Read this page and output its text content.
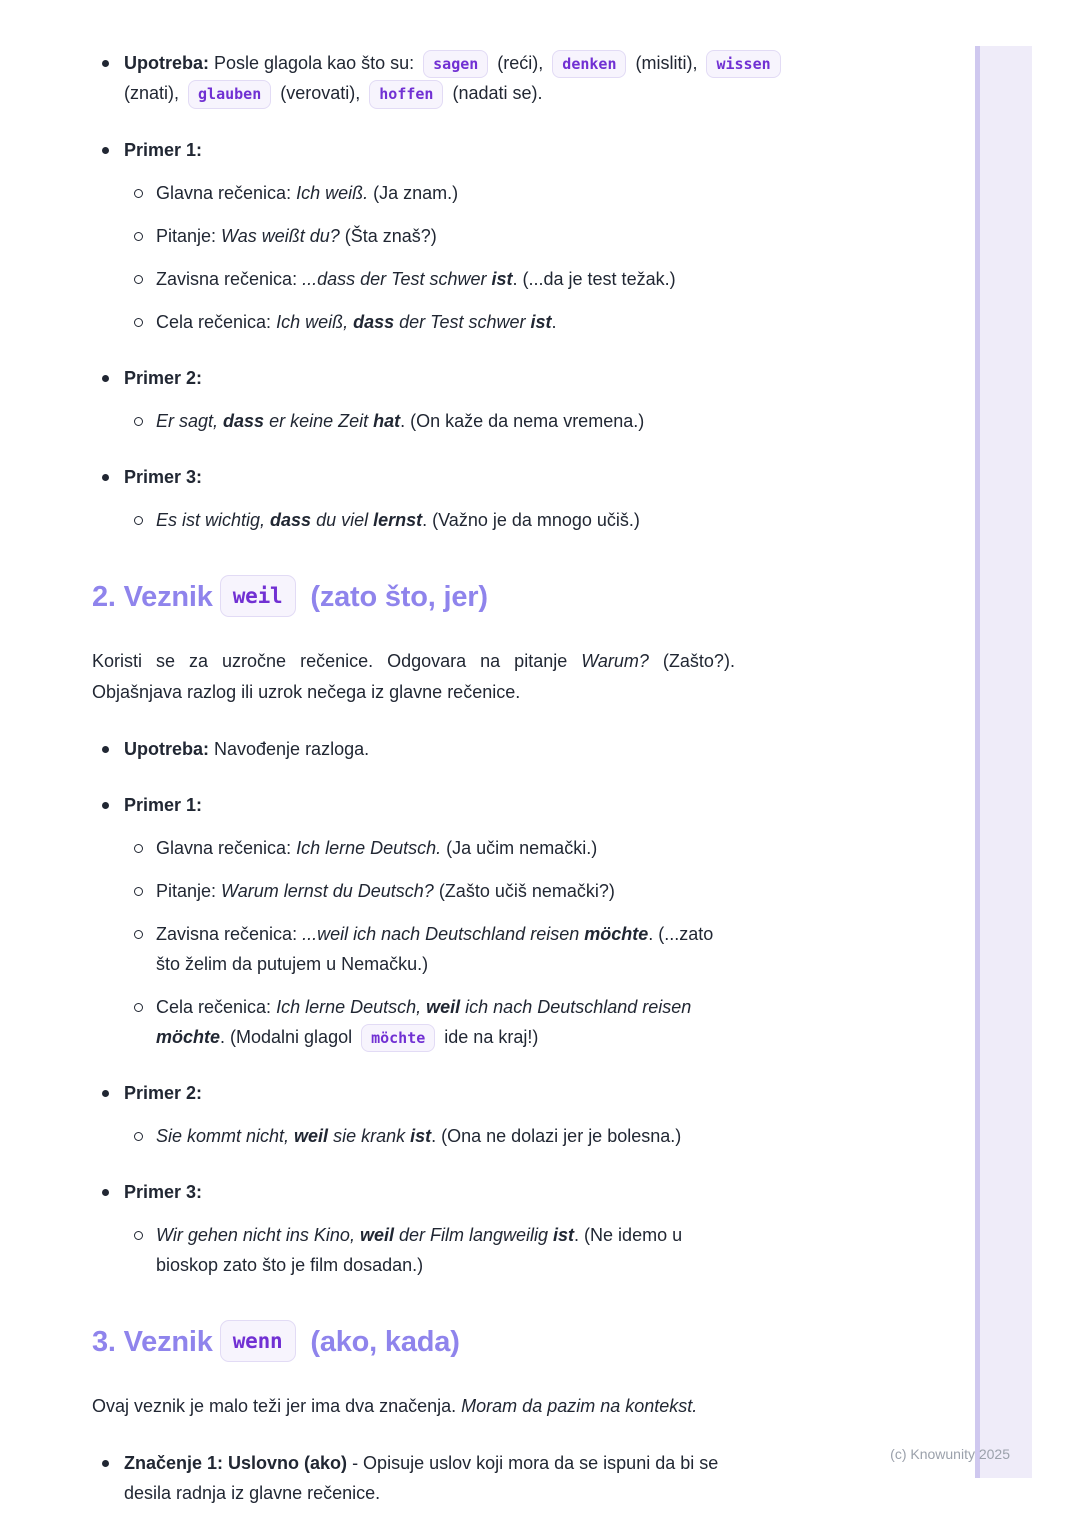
Upotreba: Posle glagola kao što su: sagen (reći), denken (misliti), wissen (znati), glauben (verovati), hoffen (nadati se).
Primer 1:
Glavna rečenica: Ich weiß. (Ja znam.)
Pitanje: Was weißt du? (Šta znaš?)
Zavisna rečenica: ...dass der Test schwer ist. (...da je test težak.)
Cela rečenica: Ich weiß, dass der Test schwer ist.
Primer 2:
Er sagt, dass er keine Zeit hat. (On kaže da nema vremena.)
Primer 3:
Es ist wichtig, dass du viel lernst. (Važno je da mnogo učiš.)
2. Veznik weil (zato što, jer)
Koristi se za uzročne rečenice. Odgovara na pitanje Warum? (Zašto?).
Objašnjava razlog ili uzrok nečega iz glavne rečenice.
Upotreba: Navođenje razloga.
Primer 1:
Glavna rečenica: Ich lerne Deutsch. (Ja učim nemački.)
Pitanje: Warum lernst du Deutsch? (Zašto učiš nemački?)
Zavisna rečenica: ...weil ich nach Deutschland reisen möchte. (...zato
što želim da putujem u Nemačku.)
Cela rečenica: Ich lerne Deutsch, weil ich nach Deutschland reisen
möchte. (Modalni glagol möchte ide na kraj!)
Primer 2:
Sie kommt nicht, weil sie krank ist. (Ona ne dolazi jer je bolesna.)
Primer 3:
Wir gehen nicht ins Kino, weil der Film langweilig ist. (Ne idemo u
bioskop zato što je film dosadan.)
3. Veznik wenn (ako, kada)
Ovaj veznik je malo teži jer ima dva značenja. Moram da pazim na kontekst.
Značenje 1: Uslovno (ako) - Opisuje uslov koji mora da se ispuni da bi se
desila radnja iz glavne rečenice.
(c) Knowunity 2025
